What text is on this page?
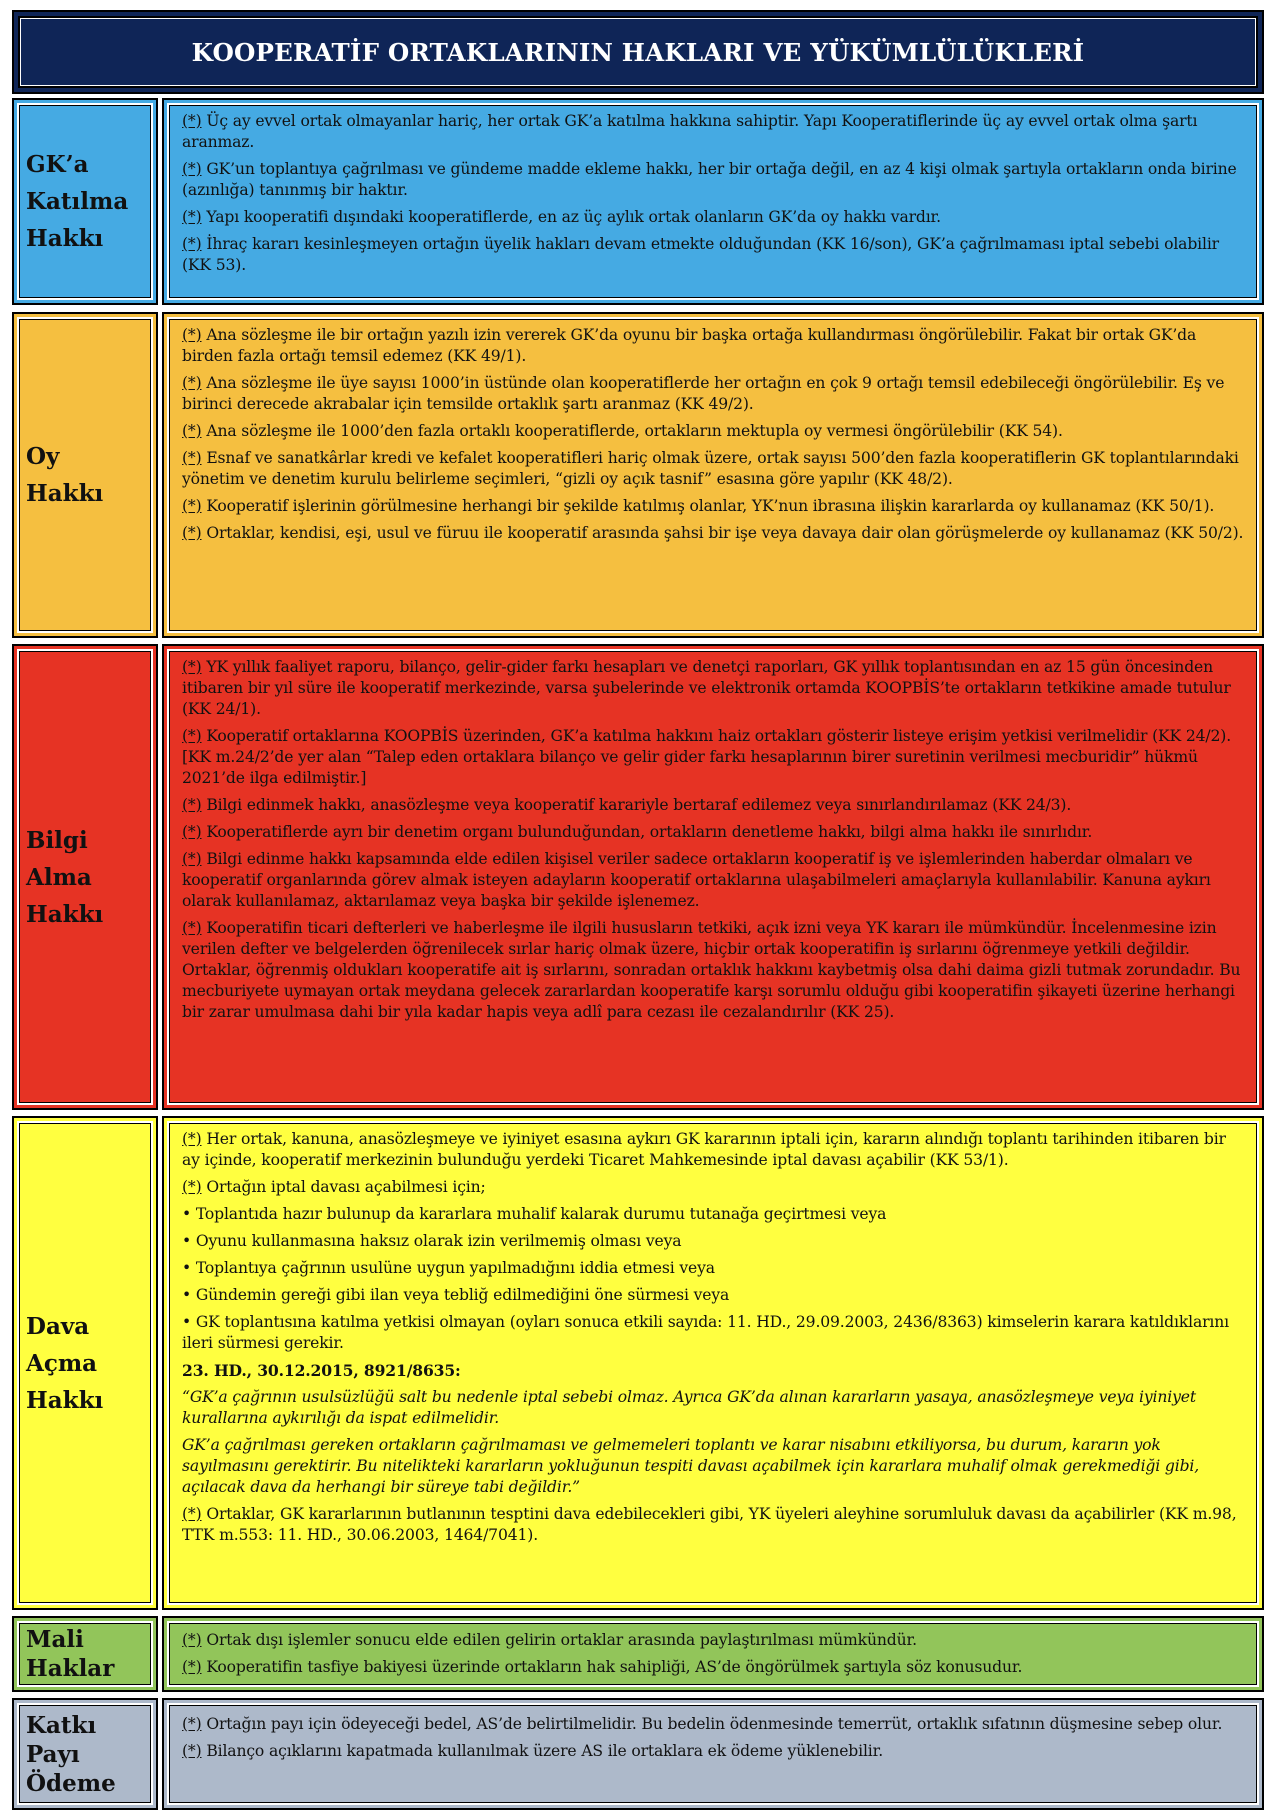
KOOPERATİF ORTAKLARININ HAKLARI VE YÜKÜMLÜLÜKLERİ
GK’a
Katılma
Hakkı

(*) Üç ay evvel ortak olmayanlar hariç, her ortak GK’a katılma hakkına sahiptir. Yapı Kooperatiflerinde üç ay evvel ortak olma şartı aranmaz.

(*) GK’un toplantıya çağrılması ve gündeme madde ekleme hakkı, her bir ortağa değil, en az 4 kişi olmak şartıyla ortakların onda birine (azınlığa) tanınmış bir haktır.

(*) Yapı kooperatifi dışındaki kooperatiflerde, en az üç aylık ortak olanların GK’da oy hakkı vardır.

(*) İhraç kararı kesinleşmeyen ortağın üyelik hakları devam etmekte olduğundan (KK 16/son), GK’a çağrılmaması iptal sebebi olabilir (KK 53).

Oy Hakkı

(*) Ana sözleşme ile bir ortağın yazılı izin vererek GK’da oyunu bir başka ortağa kullandırması öngörülebilir. Fakat bir ortak GK’da birden fazla ortağı temsil edemez (KK 49/1).

(*) Ana sözleşme ile üye sayısı 1000’in üstünde olan kooperatiflerde her ortağın en çok 9 ortağı temsil edebileceği öngörülebilir. Eş ve birinci derecede akrabalar için temsilde ortaklık şartı aranmaz (KK 49/2).

(*) Ana sözleşme ile 1000’den fazla ortaklı kooperatiflerde, ortakların mektupla oy vermesi öngörülebilir (KK 54).

(*) Esnaf ve sanatkârlar kredi ve kefalet kooperatifleri hariç olmak üzere, ortak sayısı 500’den fazla kooperatiflerin GK toplantılarındaki yönetim ve denetim kurulu belirleme seçimleri, “gizli oy açık tasnif” esasına göre yapılır (KK 48/2).

(*) Kooperatif işlerinin görülmesine herhangi bir şekilde katılmış olanlar, YK’nun ibrasına ilişkin kararlarda oy kullanamaz (KK 50/1).

(*) Ortaklar, kendisi, eşi, usul ve füruu ile kooperatif arasında şahsi bir işe veya davaya dair olan görüşmelerde oy kullanamaz (KK 50/2).

Bilgi
Alma
Hakkı

(*) YK yıllık faaliyet raporu, bilanço, gelir-gider farkı hesapları ve denetçi raporları, GK yıllık toplantısından en az 15 gün öncesinden itibaren bir yıl süre ile kooperatif merkezinde, varsa şubelerinde ve elektronik ortamda KOOPBİS’te ortakların tetkikine amade tutulur (KK 24/1).

(*) Kooperatif ortaklarına KOOPBİS üzerinden, GK’a katılma hakkını haiz ortakları gösterir listeye erişim yetkisi verilmelidir (KK 24/2). [KK m.24/2’de yer alan “Talep eden ortaklara bilanço ve gelir gider farkı hesaplarının birer suretinin verilmesi mecburidir” hükmü 2021’de ilga edilmiştir.]

(*) Bilgi edinmek hakkı, anasözleşme veya kooperatif karariyle bertaraf edilemez veya sınırlandırılamaz (KK 24/3).

(*) Kooperatiflerde ayrı bir denetim organı bulunduğundan, ortakların denetleme hakkı, bilgi alma hakkı ile sınırlıdır.

(*) Bilgi edinme hakkı kapsamında elde edilen kişisel veriler sadece ortakların kooperatif iş ve işlemlerinden haberdar olmaları ve kooperatif organlarında görev almak isteyen adayların kooperatif ortaklarına ulaşabilmeleri amaçlarıyla kullanılabilir. Kanuna aykırı olarak kullanılamaz, aktarılamaz veya başka bir şekilde işlenemez.

(*) Kooperatifin ticari defterleri ve haberleşme ile ilgili hususların tetkiki, açık izni veya YK kararı ile mümkündür. İncelenmesine izin verilen defter ve belgelerden öğrenilecek sırlar hariç olmak üzere, hiçbir ortak kooperatifin iş sırlarını öğrenmeye yetkili değildir. Ortaklar, öğrenmiş oldukları kooperatife ait iş sırlarını, sonradan ortaklık hakkını kaybetmiş olsa dahi daima gizli tutmak zorundadır. Bu mecburiyete uymayan ortak meydana gelecek zararlardan kooperatife karşı sorumlu olduğu gibi kooperatifin şikayeti üzerine herhangi bir zarar umulmasa dahi bir yıla kadar hapis veya adlî para cezası ile cezalandırılır (KK 25).

Dava
Açma
Hakkı

(*) Her ortak, kanuna, anasözleşmeye ve iyiniyet esasına aykırı GK kararının iptali için, kararın alındığı toplantı tarihinden itibaren bir ay içinde, kooperatif merkezinin bulunduğu yerdeki Ticaret Mahkemesinde iptal davası açabilir (KK 53/1).

(*) Ortağın iptal davası açabilmesi için;

• Toplantıda hazır bulunup da kararlara muhalif kalarak durumu tutanağa geçirtmesi veya

• Oyunu kullanmasına haksız olarak izin verilmemiş olması veya

• Toplantıya çağrının usulüne uygun yapılmadığını iddia etmesi veya

• Gündemin gereği gibi ilan veya tebliğ edilmediğini öne sürmesi veya

• GK toplantısına katılma yetkisi olmayan (oyları sonuca etkili sayıda: 11. HD., 29.09.2003, 2436/8363) kimselerin karara katıldıklarını ileri sürmesi gerekir.

23. HD., 30.12.2015, 8921/8635:

“GK’a çağrının usulsüzlüğü salt bu nedenle iptal sebebi olmaz. Ayrıca GK’da alınan kararların yasaya, anasözleşmeye veya iyiniyet kurallarına aykırılığı da ispat edilmelidir.

GK’a çağrılması gereken ortakların çağrılmaması ve gelmemeleri toplantı ve karar nisabını etkiliyorsa, bu durum, kararın yok sayılmasını gerektirir. Bu nitelikteki kararların yokluğunun tespiti davası açabilmek için kararlara muhalif olmak gerekmediği gibi, açılacak dava da herhangi bir süreye tabi değildir.”

(*) Ortaklar, GK kararlarının butlanının tesptini dava edebilecekleri gibi, YK üyeleri aleyhine sorumluluk davası da açabilirler (KK m.98, TTK m.553: 11. HD., 30.06.2003, 1464/7041).

Mali
Haklar

(*) Ortak dışı işlemler sonucu elde edilen gelirin ortaklar arasında paylaştırılması mümkündür.

(*) Kooperatifin tasfiye bakiyesi üzerinde ortakların hak sahipliği, AS’de öngörülmek şartıyla söz konusudur.

Katkı Payı
Ödeme

(*) Ortağın payı için ödeyeceği bedel, AS’de belirtilmelidir. Bu bedelin ödenmesinde temerrüt, ortaklık sıfatının düşmesine sebep olur.

(*) Bilanço açıklarını kapatmada kullanılmak üzere AS ile ortaklara ek ödeme yüklenebilir.
